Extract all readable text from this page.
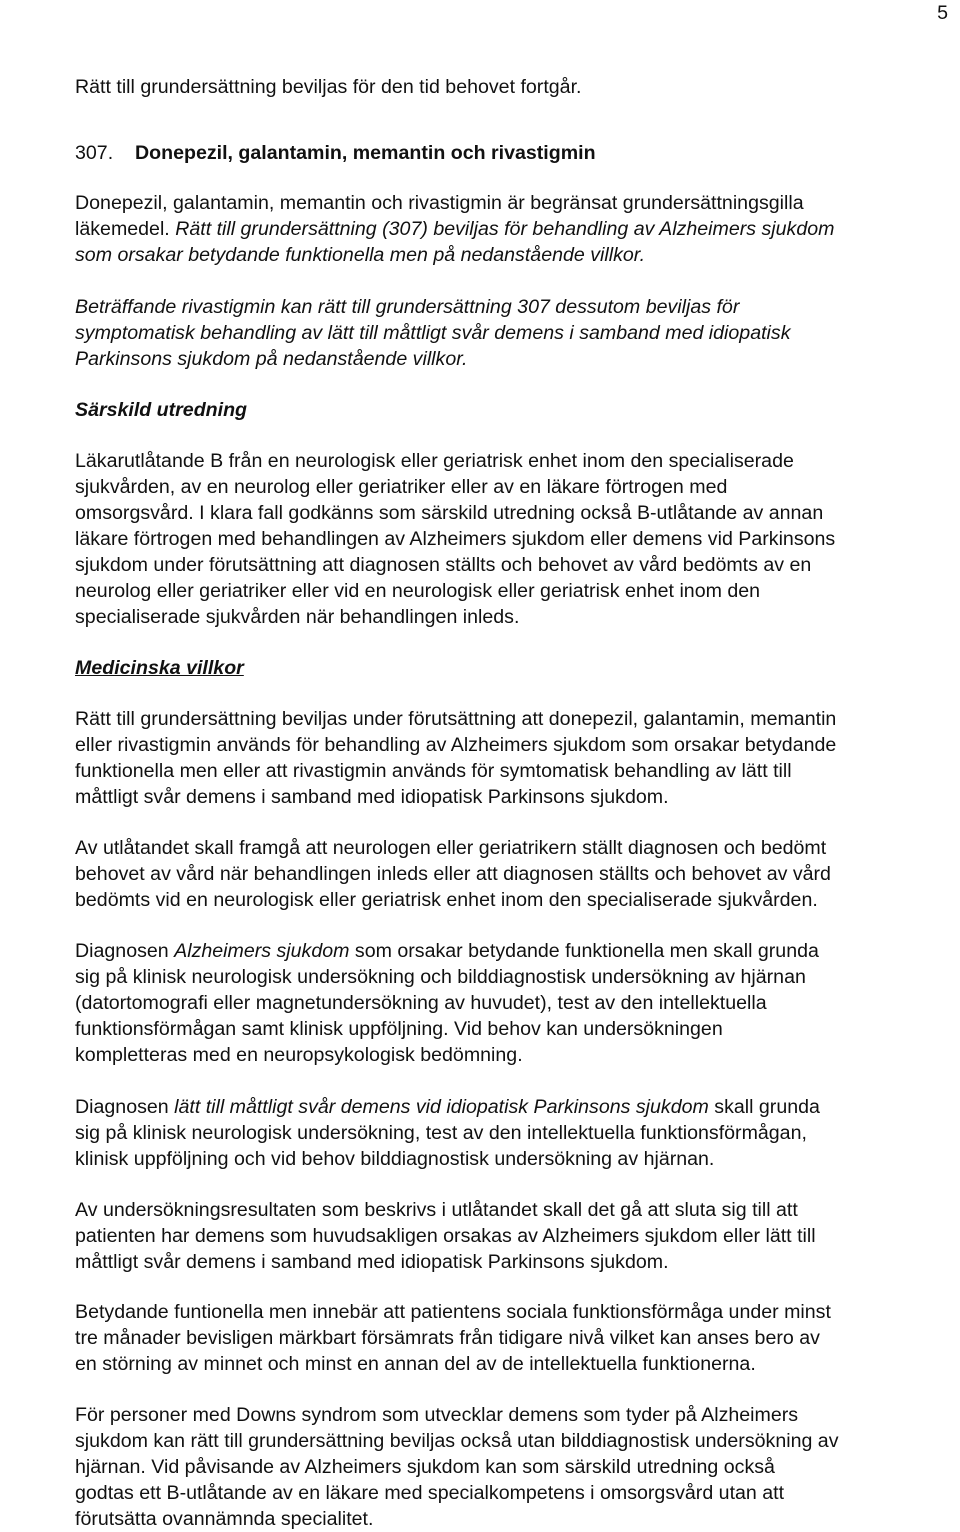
5

Rätt till grundersättning beviljas för den tid behovet fortgår.

307. Donepezil, galantamin, memantin och rivastigmin
Donepezil, galantamin, memantin och rivastigmin är begränsat grundersättningsgilla
läkemedel. Rätt till grundersättning (307) beviljas för behandling av Alzheimers sjukdom
som orsakar betydande funktionella men på nedanstående villkor.
Beträffande rivastigmin kan rätt till grundersättning 307 dessutom beviljas för
symptomatisk behandling av lätt till måttligt svår demens i samband med idiopatisk
Parkinsons sjukdom på nedanstående villkor.
Särskild utredning
Läkarutlåtande B från en neurologisk eller geriatrisk enhet inom den specialiserade
sjukvården, av en neurolog eller geriatriker eller av en läkare förtrogen med
omsorgsvård. I klara fall godkänns som särskild utredning också B-utlåtande av annan
läkare förtrogen med behandlingen av Alzheimers sjukdom eller demens vid Parkinsons
sjukdom under förutsättning att diagnosen ställts och behovet av vård bedömts av en
neurolog eller geriatriker eller vid en neurologisk eller geriatrisk enhet inom den
specialiserade sjukvården när behandlingen inleds.
Medicinska villkor
Rätt till grundersättning beviljas under förutsättning att donepezil, galantamin, memantin
eller rivastigmin används för behandling av Alzheimers sjukdom som orsakar betydande
funktionella men eller att rivastigmin används för symtomatisk behandling av lätt till
måttligt svår demens i samband med idiopatisk Parkinsons sjukdom.
Av utlåtandet skall framgå att neurologen eller geriatrikern ställt diagnosen och bedömt
behovet av vård när behandlingen inleds eller att diagnosen ställts och behovet av vård
bedömts vid en neurologisk eller geriatrisk enhet inom den specialiserade sjukvården.
Diagnosen Alzheimers sjukdom som orsakar betydande funktionella men skall grunda
sig på klinisk neurologisk undersökning och bilddiagnostisk undersökning av hjärnan
(datortomografi eller magnetundersökning av huvudet), test av den intellektuella
funktionsförmågan samt klinisk uppföljning. Vid behov kan undersökningen
kompletteras med en neuropsykologisk bedömning.
Diagnosen lätt till måttligt svår demens vid idiopatisk Parkinsons sjukdom skall grunda
sig på klinisk neurologisk undersökning, test av den intellektuella funktionsförmågan,
klinisk uppföljning och vid behov bilddiagnostisk undersökning av hjärnan.
Av undersökningsresultaten som beskrivs i utlåtandet skall det gå att sluta sig till att
patienten har demens som huvudsakligen orsakas av Alzheimers sjukdom eller lätt till
måttligt svår demens i samband med idiopatisk Parkinsons sjukdom.
Betydande funtionella men innebär att patientens sociala funktionsförmåga under minst
tre månader bevisligen märkbart försämrats från tidigare nivå vilket kan anses bero av
en störning av minnet och minst en annan del av de intellektuella funktionerna.
För personer med Downs syndrom som utvecklar demens som tyder på Alzheimers
sjukdom kan rätt till grundersättning beviljas också utan bilddiagnostisk undersökning av
hjärnan. Vid påvisande av Alzheimers sjukdom kan som särskild utredning också
godtas ett B-utlåtande av en läkare med specialkompetens i omsorgsvård utan att
förutsätta ovannämnda specialitet.
